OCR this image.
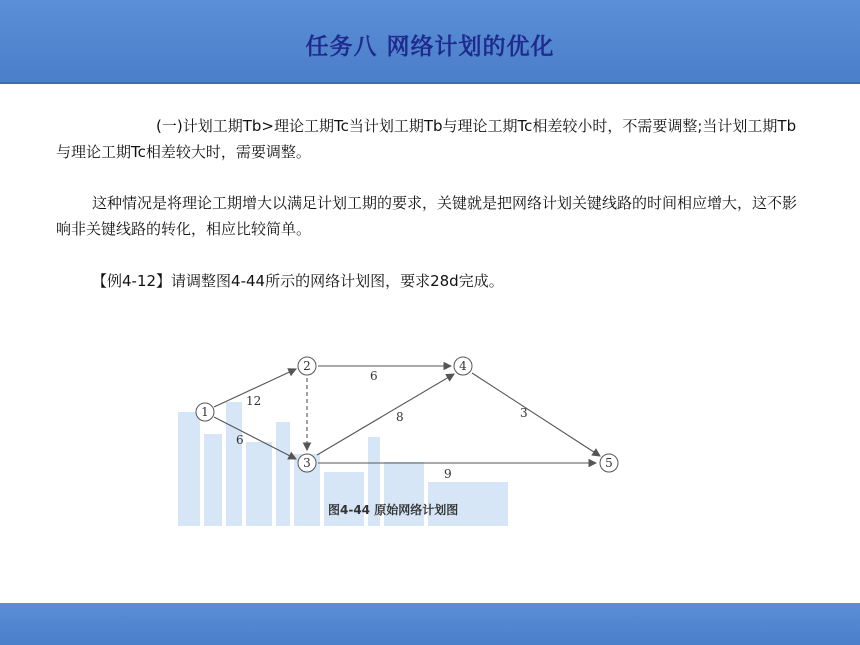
任务八 网络计划的优化
(一)计划工期Tb>理论工期Tc当计划工期Tb与理论工期Tc相差较小时，不需要调整;当计划工期Tb与理论工期Tc相差较大时，需要调整。
这种情况是将理论工期增大以满足计划工期的要求，关键就是把网络计划关键线路的时间相应增大，这不影响非关键线路的转化，相应比较简单。
【例4-12】请调整图4-44所示的网络计划图，要求28d完成。
12
6
6
8	3
9
1
2
3
4
5
图4-44 原始网络计划图
